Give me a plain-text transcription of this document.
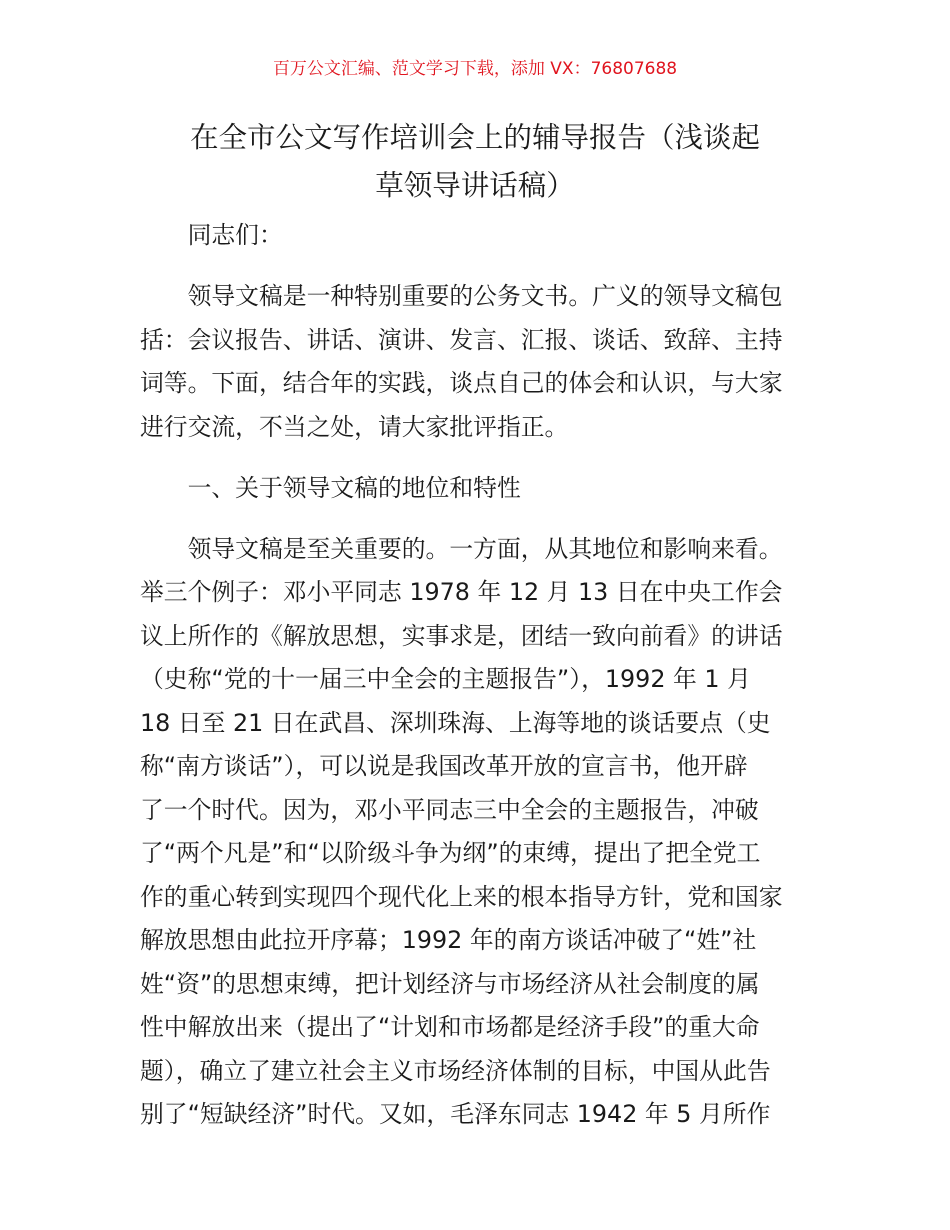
百万公文汇编、范文学习下载，添加 VX：76807688
在全市公文写作培训会上的辅导报告（浅谈起
草领导讲话稿）

同志们：

领导文稿是一种特别重要的公务文书。广义的领导文稿包
括：会议报告、讲话、演讲、发言、汇报、谈话、致辞、主持
词等。下面，结合年的实践，谈点自己的体会和认识，与大家
进行交流，不当之处，请大家批评指正。

一、关于领导文稿的地位和特性

领导文稿是至关重要的。一方面，从其地位和影响来看。
举三个例子：邓小平同志 1978 年 12 月 13 日在中央工作会
议上所作的《解放思想，实事求是，团结一致向前看》的讲话
（史称“党的十一届三中全会的主题报告”），1992 年 1 月
18 日至 21 日在武昌、深圳珠海、上海等地的谈话要点（史
称“南方谈话”），可以说是我国改革开放的宣言书，他开辟
了一个时代。因为，邓小平同志三中全会的主题报告，冲破
了“两个凡是”和“以阶级斗争为纲”的束缚，提出了把全党工
作的重心转到实现四个现代化上来的根本指导方针，党和国家
解放思想由此拉开序幕；1992 年的南方谈话冲破了“姓”社
姓“资”的思想束缚，把计划经济与市场经济从社会制度的属
性中解放出来（提出了“计划和市场都是经济手段”的重大命
题），确立了建立社会主义市场经济体制的目标，中国从此告
别了“短缺经济”时代。又如，毛泽东同志 1942 年 5 月所作
